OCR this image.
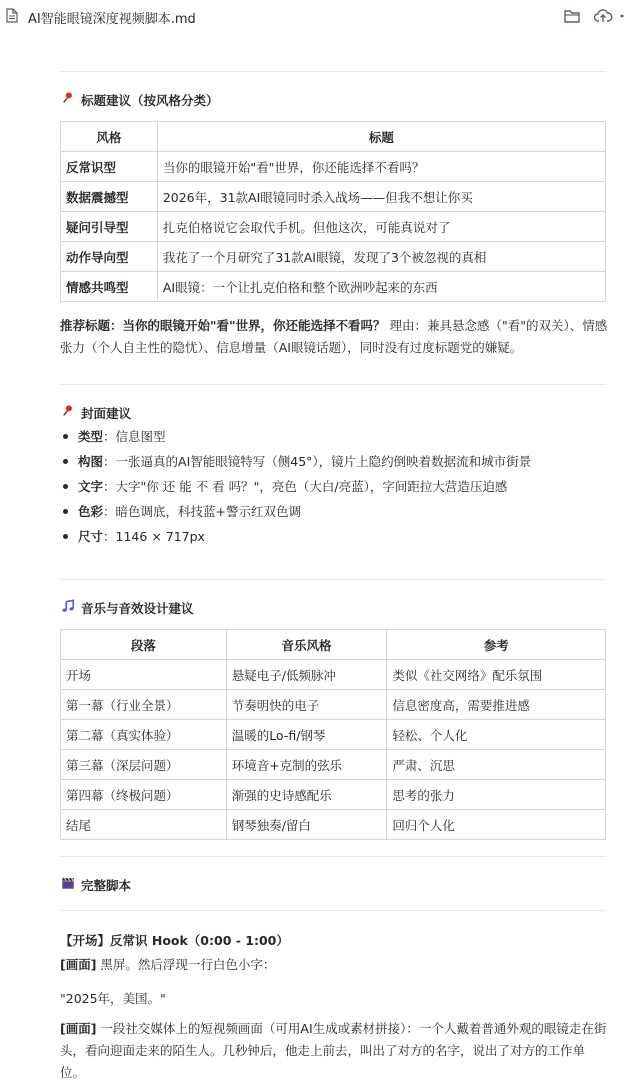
AI智能眼镜深度视频脚本.md
标题建议（按风格分类）
风格	标题
反常识型	当你的眼镜开始"看"世界，你还能选择不看吗？
数据震撼型	2026年，31款AI眼镜同时杀入战场——但我不想让你买
疑问引导型	扎克伯格说它会取代手机。但他这次，可能真说对了
动作导向型	我花了一个月研究了31款AI眼镜，发现了3个被忽视的真相
情感共鸣型	AI眼镜：一个让扎克伯格和整个欧洲吵起来的东西
推荐标题：当你的眼镜开始"看"世界，你还能选择不看吗？ 理由：兼具悬念感（"看"的双关）、情感张力（个人自主性的隐忧）、信息增量（AI眼镜话题），同时没有过度标题党的嫌疑。
封面建议
类型：信息图型
构图：一张逼真的AI智能眼镜特写（侧45°），镜片上隐约倒映着数据流和城市街景
文字：大字"你 还 能 不 看 吗？"，亮色（大白/亮蓝），字间距拉大营造压迫感
色彩：暗色调底，科技蓝+警示红双色调
尺寸：1146 × 717px
音乐与音效设计建议
段落	音乐风格	参考
开场	悬疑电子/低频脉冲	类似《社交网络》配乐氛围
第一幕（行业全景）	节奏明快的电子	信息密度高，需要推进感
第二幕（真实体验）	温暖的Lo-fi/钢琴	轻松、个人化
第三幕（深层问题）	环境音+克制的弦乐	严肃、沉思
第四幕（终极问题）	渐强的史诗感配乐	思考的张力
结尾	钢琴独奏/留白	回归个人化
完整脚本
【开场】反常识 Hook（0:00 - 1:00）
[画面] 黑屏。然后浮现一行白色小字：
"2025年，美国。"
[画面] 一段社交媒体上的短视频画面（可用AI生成或素材拼接）：一个人戴着普通外观的眼镜走在街头，看向迎面走来的陌生人。几秒钟后，他走上前去，叫出了对方的名字，说出了对方的工作单位。
